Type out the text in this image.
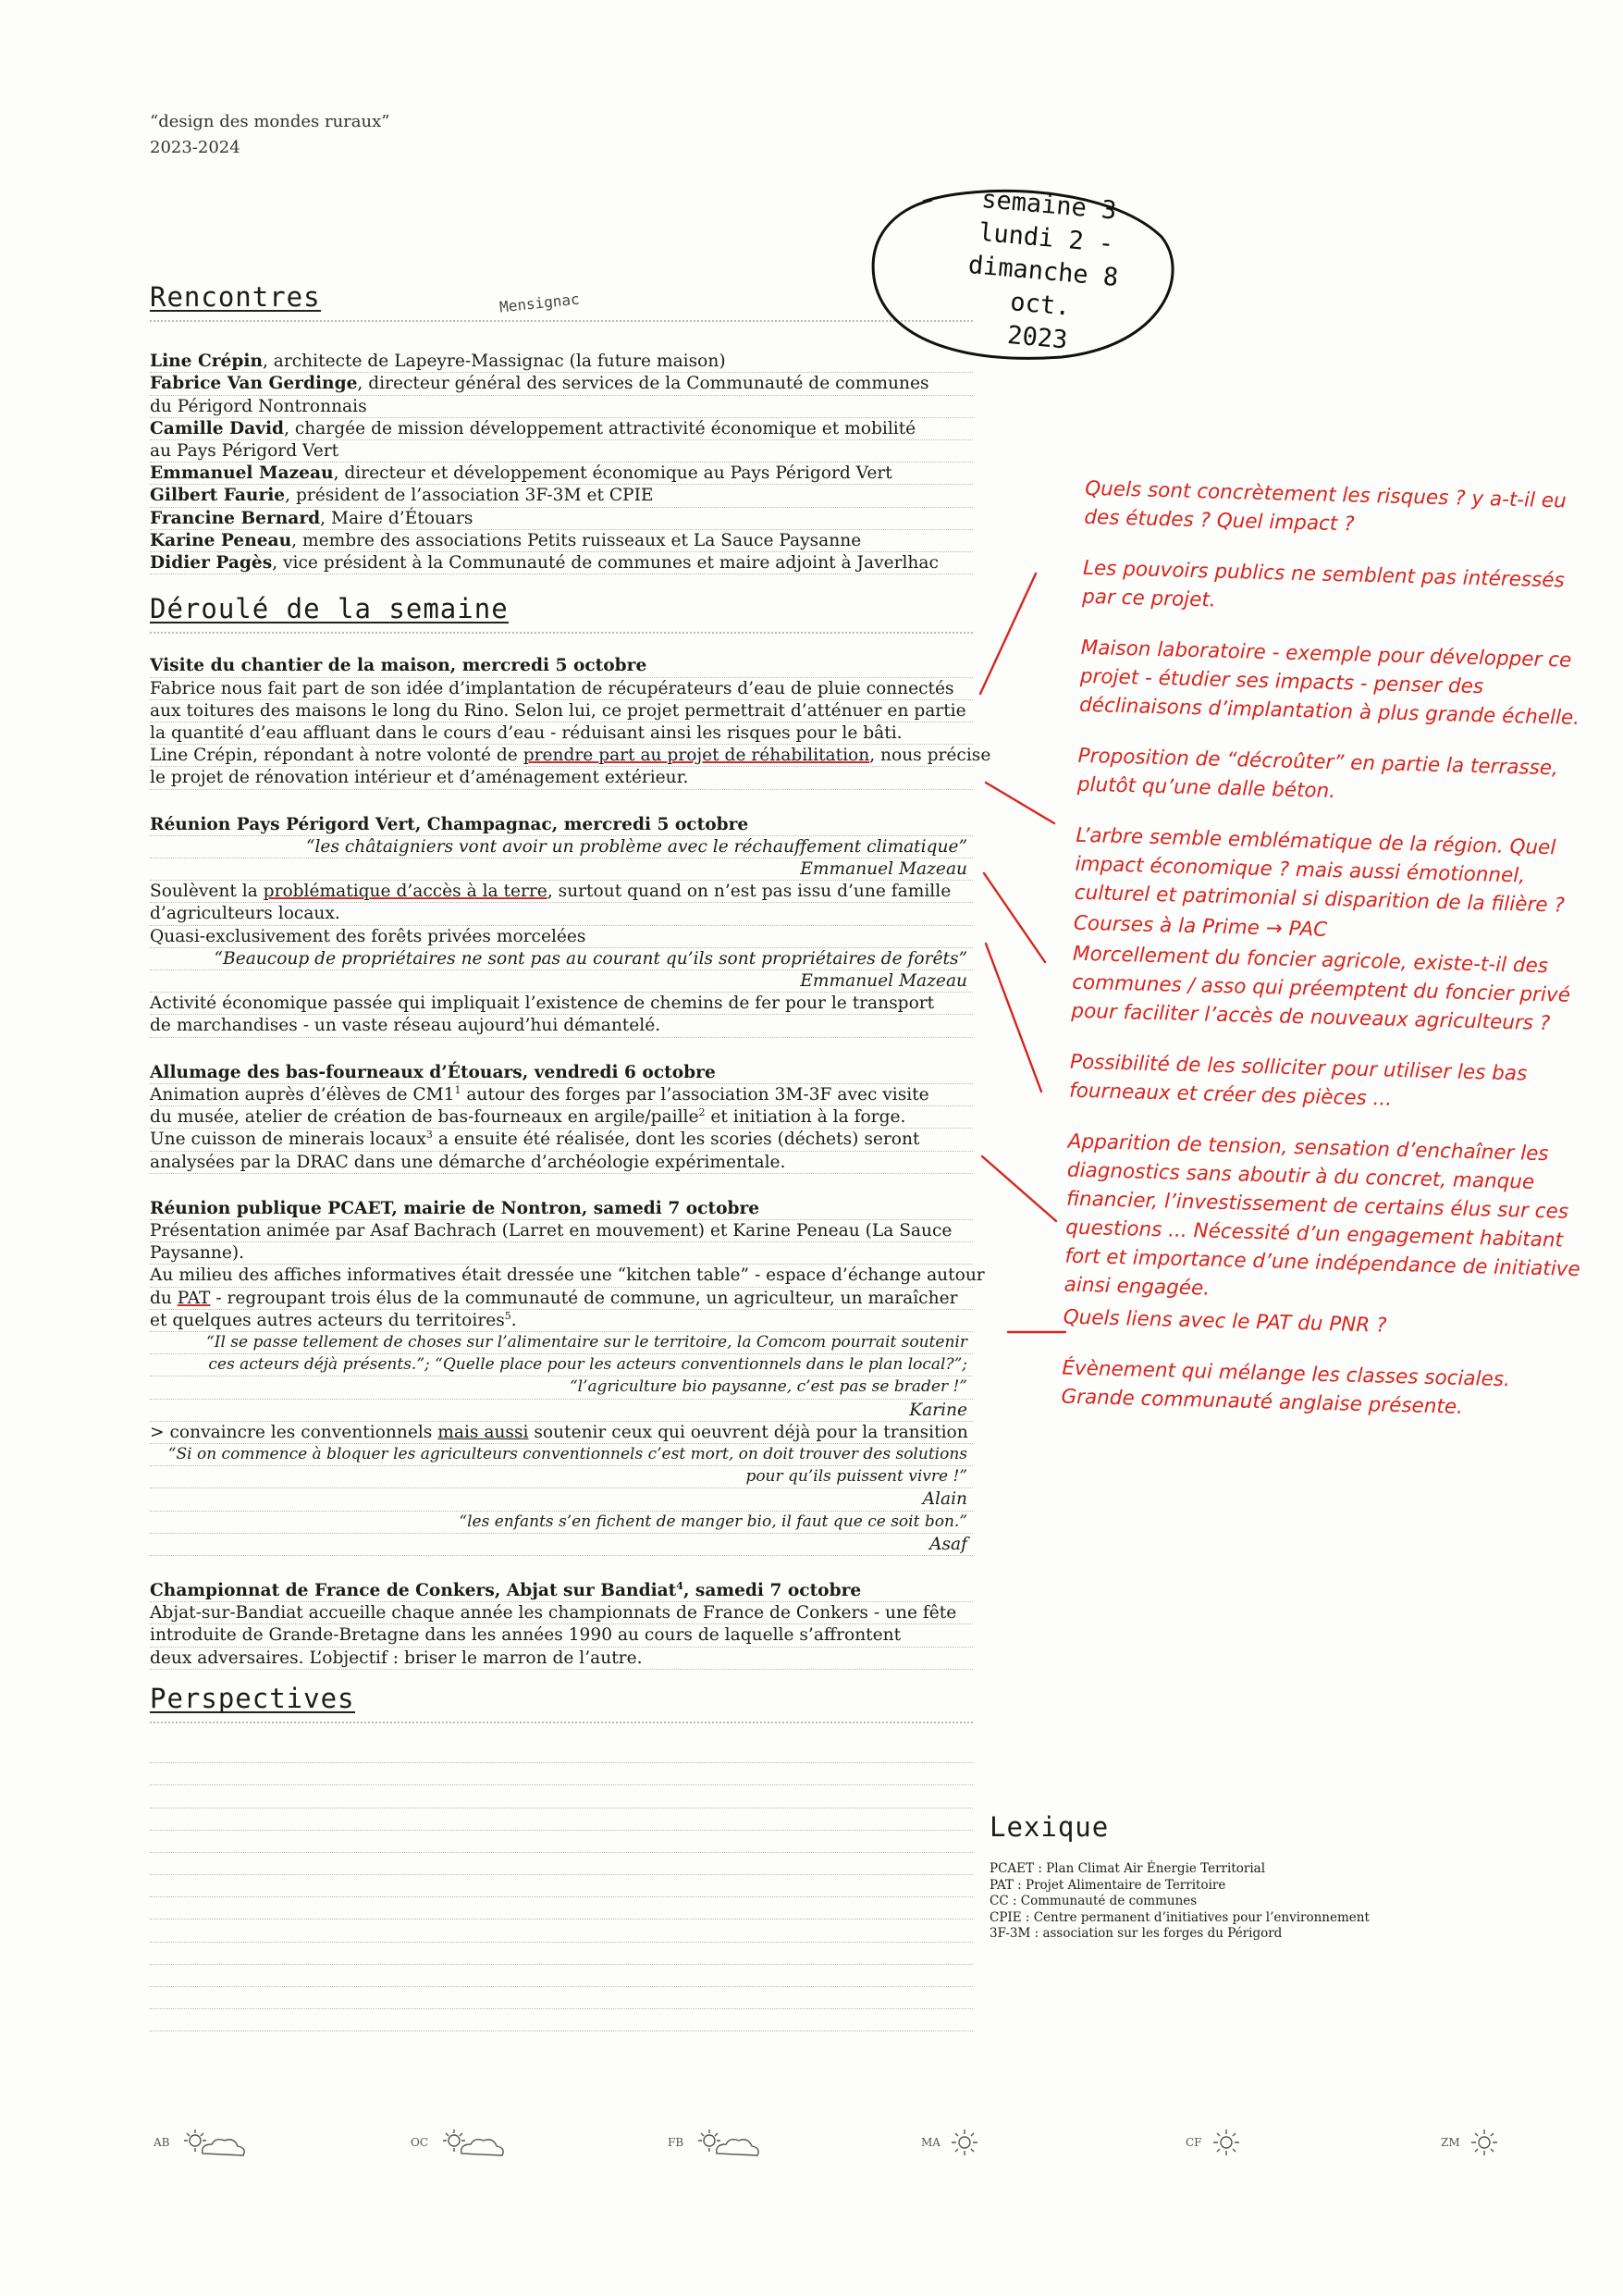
“design des mondes ruraux”
2023-2024
semaine 3
lundi 2 -
dimanche 8 oct.
2023
Mensignac
Rencontres
Line Crépin, architecte de Lapeyre-Massignac (la future maison)
Fabrice Van Gerdinge, directeur général des services de la Communauté de communes
du Périgord Nontronnais
Camille David, chargée de mission développement attractivité économique et mobilité
au Pays Périgord Vert
Emmanuel Mazeau, directeur et développement économique au Pays Périgord Vert
Gilbert Faurie, président de l’association 3F-3M et CPIE
Francine Bernard, Maire d’Étouars
Karine Peneau, membre des associations Petits ruisseaux et La Sauce Paysanne
Didier Pagès, vice président à la Communauté de communes et maire adjoint à Javerlhac
Déroulé de la semaine
Visite du chantier de la maison, mercredi 5 octobre
Fabrice nous fait part de son idée d’implantation de récupérateurs d’eau de pluie connectés
aux toitures des maisons le long du Rino. Selon lui, ce projet permettrait d’atténuer en partie
la quantité d’eau affluant dans le cours d’eau - réduisant ainsi les risques pour le bâti.
Line Crépin, répondant à notre volonté de prendre part au projet de réhabilitation, nous précise
le projet de rénovation intérieur et d’aménagement extérieur.
Réunion Pays Périgord Vert, Champagnac, mercredi 5 octobre
“les châtaigniers vont avoir un problème avec le réchauffement climatique”
Emmanuel Mazeau
Soulèvent la problématique d’accès à la terre, surtout quand on n’est pas issu d’une famille
d’agriculteurs locaux.
Quasi-exclusivement des forêts privées morcelées
“Beaucoup de propriétaires ne sont pas au courant qu’ils sont propriétaires de forêts”
Emmanuel Mazeau
Activité économique passée qui impliquait l’existence de chemins de fer pour le transport
de marchandises - un vaste réseau aujourd’hui démantelé.
Allumage des bas-fourneaux d’Étouars, vendredi 6 octobre
Animation auprès d’élèves de $CM1^1$ autour des forges par l’association 3M-3F avec visite
du musée, atelier de création de bas-fourneaux en argile/paille$^2$ et initiation à la forge.
Une cuisson de minerais locaux$^3$ a ensuite été réalisée, dont les scories (déchets) seront
analysées par la DRAC dans une démarche d’archéologie expérimentale.
Réunion publique PCAET, mairie de Nontron, samedi 7 octobre
Présentation animée par Asaf Bachrach (Larret en mouvement) et Karine Peneau (La Sauce
Paysanne).
Au milieu des affiches informatives était dressée une “kitchen table” - espace d’échange autour
du PAT - regroupant trois élus de la communauté de commune, un agriculteur, un maraîcher
et quelques autres acteurs du territoires$^5$.
“Il se passe tellement de choses sur l’alimentaire sur le territoire, la Comcom pourrait soutenir
ces acteurs déjà présents.”; “Quelle place pour les acteurs conventionnels dans le plan local?”;
“l’agriculture bio paysanne, c’est pas se brader !”
Karine
> convaincre les conventionnels mais aussi soutenir ceux qui oeuvrent déjà pour la transition
“Si on commence à bloquer les agriculteurs conventionnels c’est mort, on doit trouver des solutions
pour qu’ils puissent vivre !”
Alain
“les enfants s’en fichent de manger bio, il faut que ce soit bon.”
Asaf
Championnat de France de Conkers, Abjat sur Bandiat$^4$, samedi 7 octobre
Abjat-sur-Bandiat accueille chaque année les championnats de France de Conkers - une fête
introduite de Grande-Bretagne dans les années 1990 au cours de laquelle s’affrontent
deux adversaires. L’objectif : briser le marron de l’autre.
Perspectives
Lexique
PCAET : Plan Climat Air Énergie Territorial
PAT : Projet Alimentaire de Territoire
CC : Communauté de communes
CPIE : Centre permanent d’initiatives pour l’environnement
3F-3M : association sur les forges du Périgord
Quels sont concrètement les risques ? y a-t-il eu des études ? Quel impact ?
Les pouvoirs publics ne semblent pas intéressés par ce projet.
Maison laboratoire - exemple pour développer ce projet - étudier ses impacts - penser des déclinaisons d’implantation à plus grande échelle.
Proposition de “décroûter” en partie la terrasse, plutôt qu’une dalle béton.
L’arbre semble emblématique de la région. Quel impact économique ? mais aussi émotionnel, culturel et patrimonial si disparition de la filière ?
Courses à la Prime → PAC
Morcellement du foncier agricole, existe-t-il des communes / asso qui préemptent du foncier privé pour faciliter l’accès de nouveaux agriculteurs ?
Possibilité de les solliciter pour utiliser les bas fourneaux et créer des pièces ...
Apparition de tension, sensation d’enchaîner les diagnostics sans aboutir à du concret, manque financier, l’investissement de certains élus sur ces questions ... Nécessité d’un engagement habitant fort et importance d’une indépendance de initiative ainsi engagée.
Quels liens avec le PAT du PNR ?
Évènement qui mélange les classes sociales. Grande communauté anglaise présente.
AB	OC	FB	MA	CF	ZM
